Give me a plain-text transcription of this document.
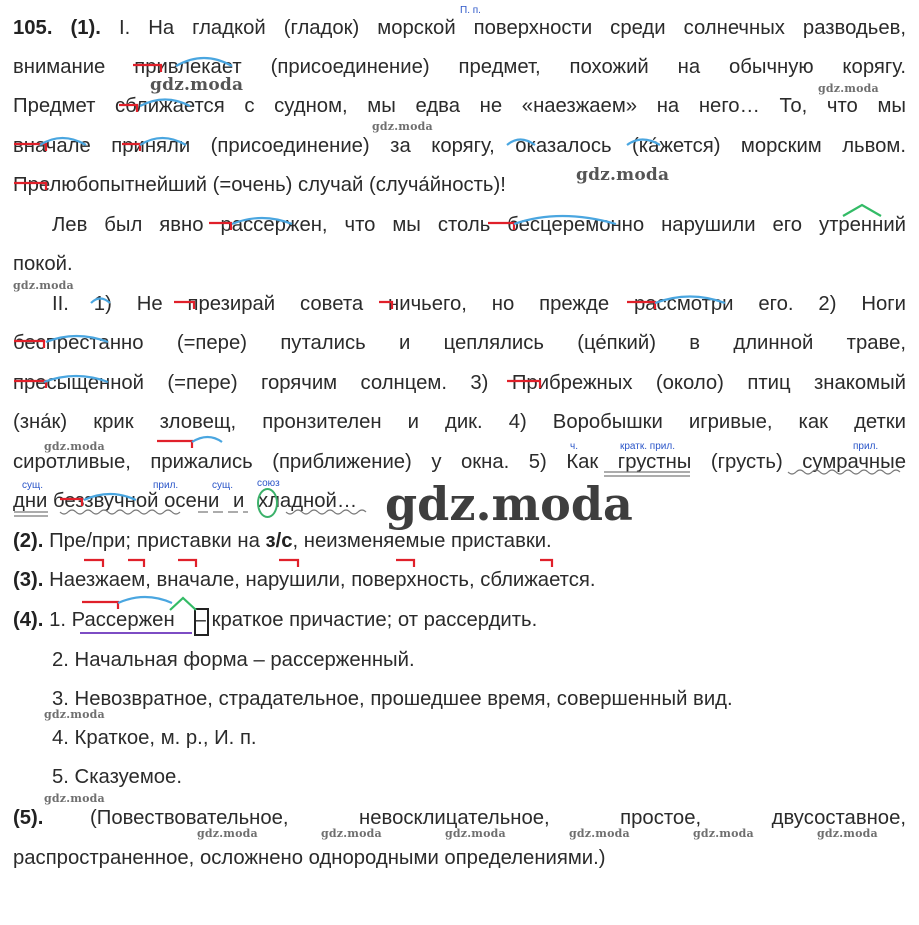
105. (1). I. На гладкой (гладок) морской поверхности среди солнечных разводьев,
внимание привлекает (присоединение) предмет, похожий на обычную корягу.
Предмет сближается с судном, мы едва не «наезжаем» на него… То, что мы
вначале приняли (присоединение) за корягу, оказалось (ка́жется) морским львом.
Прелюбопытнейший (=очень) случай (случа́йность)!
Лев был явно рассержен, что мы столь бесцеремонно нарушили его утренний
покой.
II. 1) Не презирай совета ничьего, но прежде рассмотри его. 2) Ноги
беспрестанно (=пере) путались и цеплялись (це́пкий) в длинной траве,
пресыщенной (=пере) горячим солнцем. 3) Прибрежных (около) птиц знакомый
(зна́к) крик зловещ, пронзителен и дик. 4) Воробышки игривые, как детки
сиротливые, прижались (приближение) у окна. 5) Как грустны (грусть) сумрачные
дни беззвучной осени и хладной…
(2). Пре/при; приставки на з/с, неизменяемые приставки.
(3). Наезжаем, вначале, нарушили, поверхность, сближается.
(4). 1. Рассержен – краткое причастие; от рассердить.
2. Начальная форма – рассерженный.
3. Невозвратное, страдательное, прошедшее время, совершенный вид.
4. Краткое, м. р., И. п.
5. Сказуемое.
(5).	(Повествовательное, невосклицательное, простое, двусоставное,
распространенное, осложнено однородными определениями.)
П. п.
ч.	кратк. прил.	прил.
прил.
сущ.	сущ. союз
gdz.moda
gdz.moda
gdz.moda
gdz.moda
gdz.moda
gdz.moda
gdz.moda
gdz.moda
gdz.moda
gdz.moda	gdz.moda	gdz.moda	gdz.moda	gdz.moda	gdz.moda
